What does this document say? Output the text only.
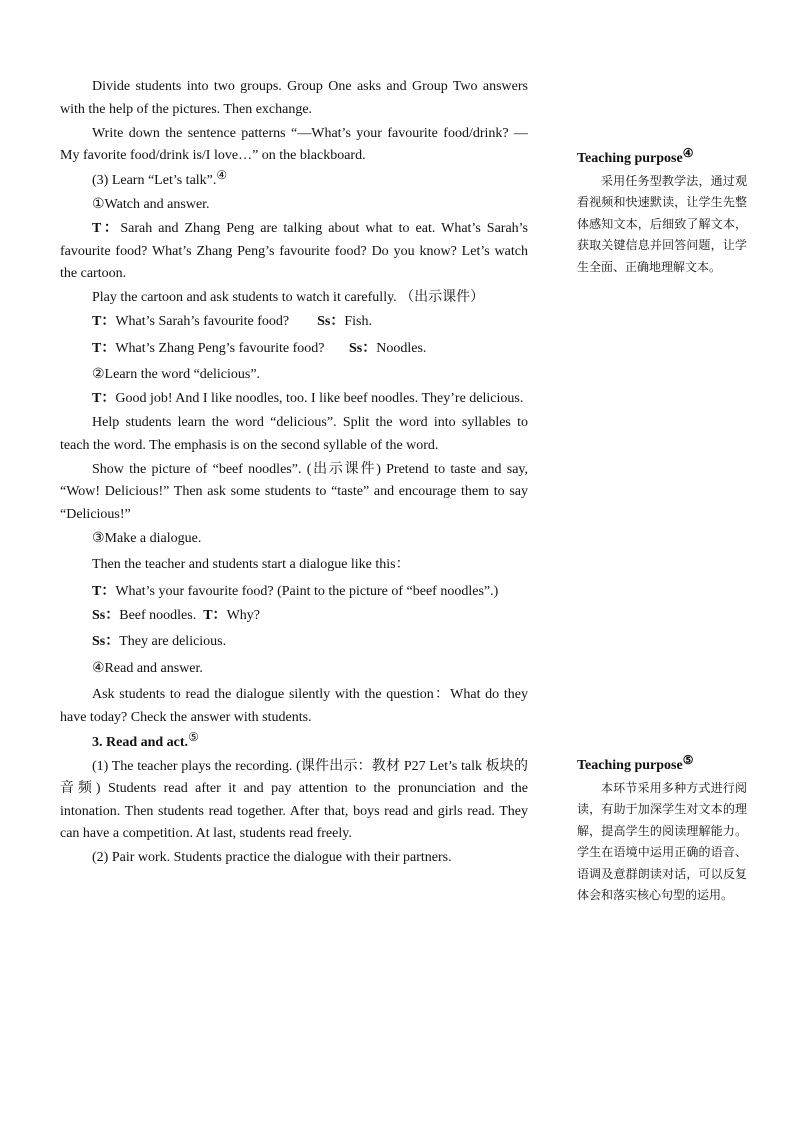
Divide students into two groups. Group One asks and Group Two answers with the help of the pictures. Then exchange.

Write down the sentence patterns “—What’s your favourite food/drink? —My favorite food/drink is/I love…” on the blackboard.

(3) Learn “Let’s talk”.④

①Watch and answer.

T：Sarah and Zhang Peng are talking about what to eat. What’s Sarah’s favourite food? What’s Zhang Peng’s favourite food? Do you know? Let’s watch the cartoon.

Play the cartoon and ask students to watch it carefully. （出示课件）

T：What’s Sarah’s favourite food? Ss：Fish.

T：What’s Zhang Peng’s favourite food? Ss：Noodles.

②Learn the word “delicious”.

T：Good job! And I like noodles, too. I like beef noodles. They’re delicious.

Help students learn the word “delicious”. Split the word into syllables to teach the word. The emphasis is on the second syllable of the word.

Show the picture of “beef noodles”. (出示课件) Pretend to taste and say, “Wow! Delicious!” Then ask some students to “taste” and encourage them to say “Delicious!”

③Make a dialogue.

Then the teacher and students start a dialogue like this：

T：What’s your favourite food? (Paint to the picture of “beef noodles”.)

Ss：Beef noodles. T：Why?

Ss：They are delicious.

④Read and answer.

Ask students to read the dialogue silently with the question：What do they have today? Check the answer with students.

3. Read and act.⑤

(1) The teacher plays the recording. (课件出示：教材 P27 Let’s talk 板块的音频) Students read after it and pay attention to the pronunciation and the intonation. Then students read together. After that, boys read and girls read. They can have a competition. At last, students read freely.

(2) Pair work. Students practice the dialogue with their partners.

Teaching purpose④

采用任务型教学法，通过观看视频和快速默读，让学生先整体感知文本，后细致了解文本，获取关键信息并回答问题，让学生全面、正确地理解文本。

Teaching purpose⑤

本环节采用多种方式进行阅读，有助于加深学生对文本的理解，提高学生的阅读理解能力。学生在语境中运用正确的语音、语调及意群朗读对话，可以反复体会和落实核心句型的运用。
